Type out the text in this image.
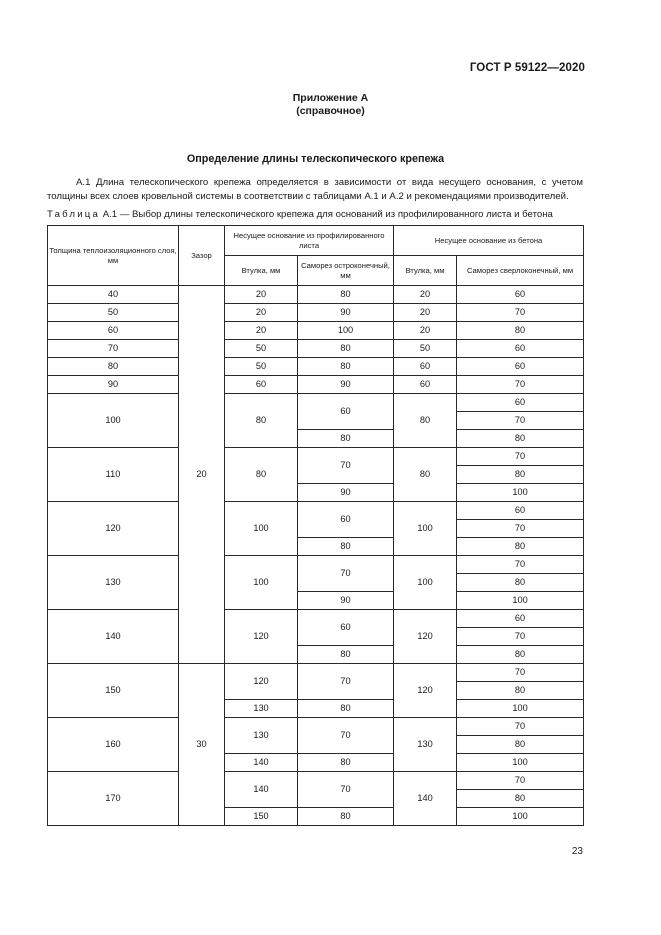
ГОСТ Р 59122—2020
Приложение А
(справочное)
Определение длины телескопического крепежа

А.1 Длина телескопического крепежа определяется в зависимости от вида несущего основания, с учетом толщины всех слоев кровельной системы в соответствии с таблицами А.1 и А.2 и рекомендациями производителей.

Таблица А.1 — Выбор длины телескопического крепежа для оснований из профилированного листа и бетона
Толщина теплоизоляционного слоя, мм	Зазор	Несущее основание из профилированного листа		Несущее основание из бетона	
		Втулка, мм	Саморез остроконечный, мм	Втулка, мм	Саморез сверлоконечный, мм
40	20	20	80	20	60
50		20	90	20	70
60		20	100	20	80
70		50	80	50	60
80		50	80	60	60
90		60	90	60	70
100		80	60	80	60
					70
			80		80
110		80	70	80	70
					80
			90		100
120		100	60	100	60
					70
			80		80
130		100	70	100	70
					80
			90		100
140		120	60	120	60
					70
			80		80
150	30	120	70	120	70
					80
		130	80		100
160		130	70	130	70
					80
		140	80		100
170		140	70	140	70
					80
		150	80		100
23
